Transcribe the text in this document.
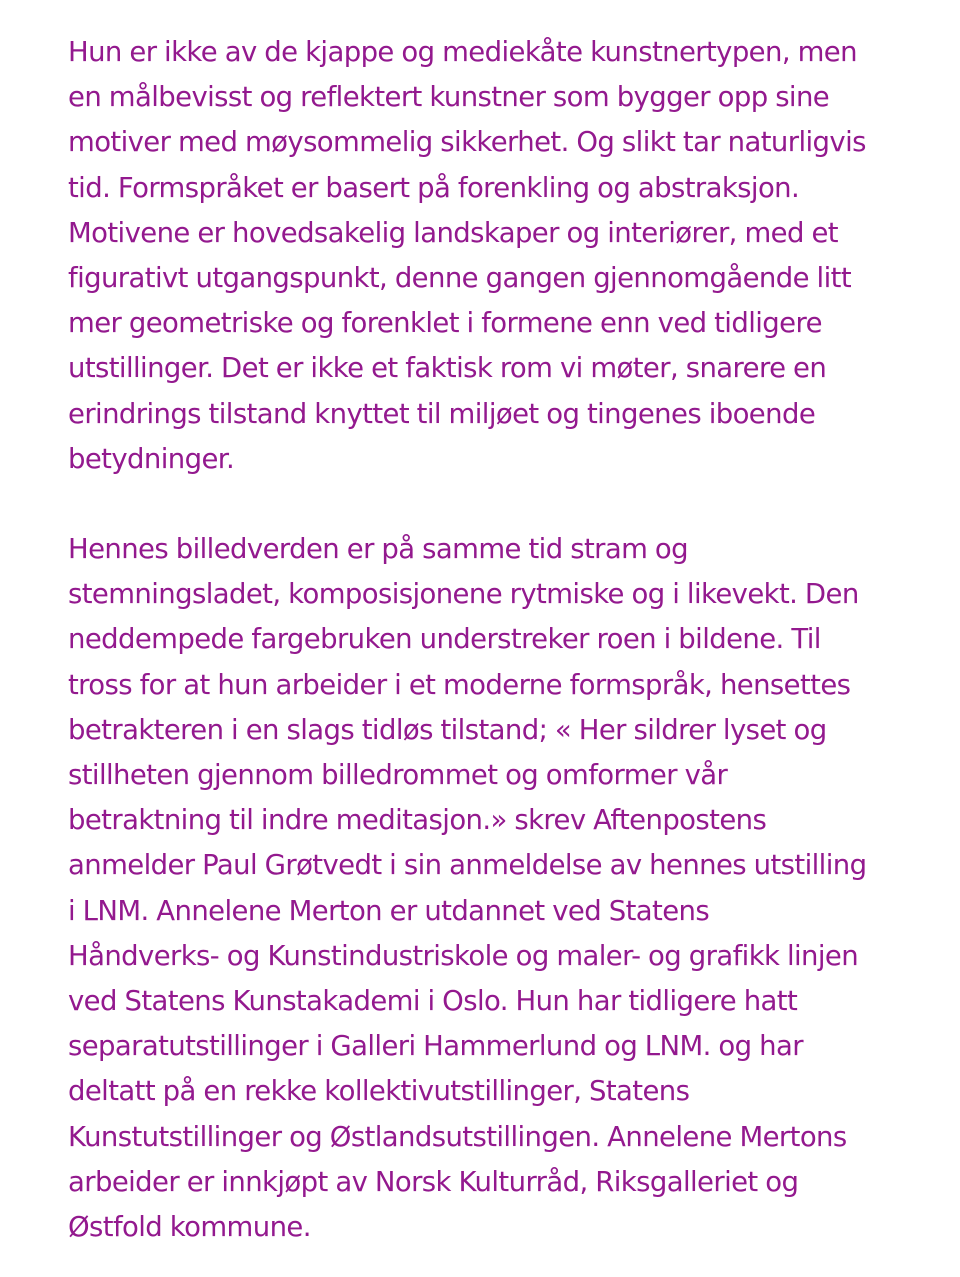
Hun er ikke av de kjappe og mediekåte kunstnertypen, men
en målbevisst og reflektert kunstner som bygger opp sine
motiver med møysommelig sikkerhet. Og slikt tar naturligvis
tid. Formspråket er basert på forenkling og abstraksjon.
Motivene er hovedsakelig landskaper og interiører, med et
figurativt utgangspunkt, denne gangen gjennomgående litt
mer geometriske og forenklet i formene enn ved tidligere
utstillinger. Det er ikke et faktisk rom vi møter, snarere en
erindrings tilstand knyttet til miljøet og tingenes iboende
betydninger.

Hennes billedverden er på samme tid stram og
stemningsladet, komposisjonene rytmiske og i likevekt. Den
neddempede fargebruken understreker roen i bildene. Til
tross for at hun arbeider i et moderne formspråk, hensettes
betrakteren i en slags tidløs tilstand; « Her sildrer lyset og
stillheten gjennom billedrommet og omformer vår
betraktning til indre meditasjon.» skrev Aftenpostens
anmelder Paul Grøtvedt i sin anmeldelse av hennes utstilling
i LNM. Annelene Merton er utdannet ved Statens
Håndverks- og Kunstindustriskole og maler- og grafikk linjen
ved Statens Kunstakademi i Oslo. Hun har tidligere hatt
separatutstillinger i Galleri Hammerlund og LNM. og har
deltatt på en rekke kollektivutstillinger, Statens
Kunstutstillinger og Østlandsutstillingen. Annelene Mertons
arbeider er innkjøpt av Norsk Kulturråd, Riksgalleriet og
Østfold kommune.
